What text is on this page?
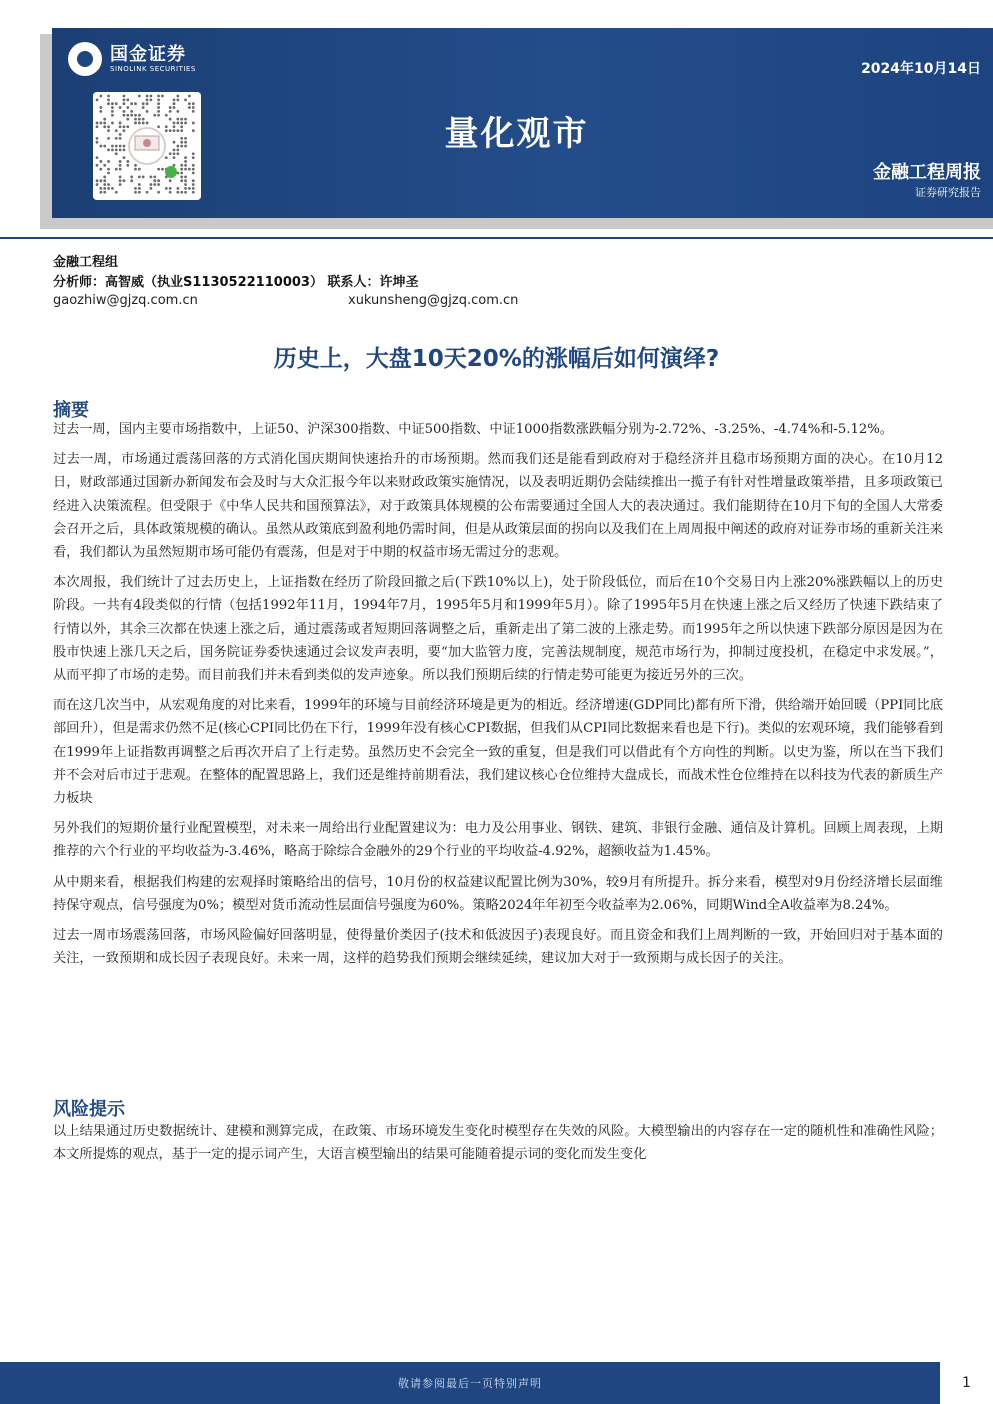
国金证券
SINOLINK SECURITIES	2024年10月14日
量化观市
金融工程周报
证券研究报告
金融工程组
分析师：高智威（执业S1130522110003） 联系人：许坤圣
gaozhiw@gjzq.com.cn	xukunsheng@gjzq.com.cn
历史上，大盘10天20%的涨幅后如何演绎?
摘要

过去一周，国内主要市场指数中，上证50、沪深300指数、中证500指数、中证1000指数涨跌幅分别为-2.72%、-3.25%、-4.74%和-5.12%。

过去一周，市场通过震荡回落的方式消化国庆期间快速抬升的市场预期。然而我们还是能看到政府对于稳经济并且稳市场预期方面的决心。在10月12日，财政部通过国新办新闻发布会及时与大众汇报今年以来财政政策实施情况，以及表明近期仍会陆续推出一揽子有针对性增量政策举措，且多项政策已经进入决策流程。但受限于《中华人民共和国预算法》，对于政策具体规模的公布需要通过全国人大的表决通过。我们能期待在10月下旬的全国人大常委会召开之后，具体政策规模的确认。虽然从政策底到盈利地仍需时间，但是从政策层面的拐向以及我们在上周周报中阐述的政府对证券市场的重新关注来看，我们都认为虽然短期市场可能仍有震荡，但是对于中期的权益市场无需过分的悲观。

本次周报，我们统计了过去历史上，上证指数在经历了阶段回撤之后(下跌10%以上)，处于阶段低位，而后在10个交易日内上涨20%涨跌幅以上的历史阶段。一共有4段类似的行情（包括1992年11月，1994年7月，1995年5月和1999年5月）。除了1995年5月在快速上涨之后又经历了快速下跌结束了行情以外，其余三次都在快速上涨之后，通过震荡或者短期回落调整之后，重新走出了第二波的上涨走势。而1995年之所以快速下跌部分原因是因为在股市快速上涨几天之后，国务院证券委快速通过会议发声表明，要“加大监管力度，完善法规制度，规范市场行为，抑制过度投机，在稳定中求发展。”，从而平抑了市场的走势。而目前我们并未看到类似的发声迹象。所以我们预期后续的行情走势可能更为接近另外的三次。

而在这几次当中，从宏观角度的对比来看，1999年的环境与目前经济环境是更为的相近。经济增速(GDP同比)都有所下滑，供给端开始回暖（PPI同比底部回升），但是需求仍然不足(核心CPI同比仍在下行，1999年没有核心CPI数据，但我们从CPI同比数据来看也是下行)。类似的宏观环境，我们能够看到在1999年上证指数再调整之后再次开启了上行走势。虽然历史不会完全一致的重复，但是我们可以借此有个方向性的判断。以史为鉴，所以在当下我们并不会对后市过于悲观。在整体的配置思路上，我们还是维持前期看法，我们建议核心仓位维持大盘成长，而战术性仓位维持在以科技为代表的新质生产力板块

另外我们的短期价量行业配置模型，对未来一周给出行业配置建议为：电力及公用事业、钢铁、建筑、非银行金融、通信及计算机。回顾上周表现，上期推荐的六个行业的平均收益为-3.46%，略高于除综合金融外的29个行业的平均收益-4.92%，超额收益为1.45%。

从中期来看，根据我们构建的宏观择时策略给出的信号，10月份的权益建议配置比例为30%，较9月有所提升。拆分来看，模型对9月份经济增长层面维持保守观点，信号强度为0%；模型对货币流动性层面信号强度为60%。策略2024年年初至今收益率为2.06%，同期Wind全A收益率为8.24%。

过去一周市场震荡回落，市场风险偏好回落明显，使得量价类因子(技术和低波因子)表现良好。而且资金和我们上周判断的一致，开始回归对于基本面的关注，一致预期和成长因子表现良好。未来一周，这样的趋势我们预期会继续延续，建议加大对于一致预期与成长因子的关注。

风险提示

以上结果通过历史数据统计、建模和测算完成，在政策、市场环境发生变化时模型存在失效的风险。大模型输出的内容存在一定的随机性和准确性风险；本文所提炼的观点，基于一定的提示词产生，大语言模型输出的结果可能随着提示词的变化而发生变化

敬请参阅最后一页特别声明	1
